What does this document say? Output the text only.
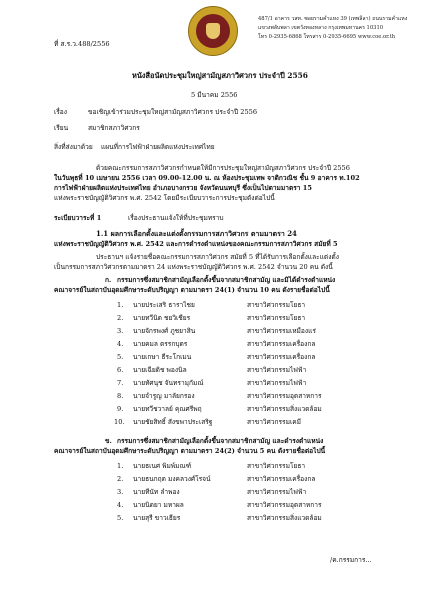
ที่ ส.ร.ว.488/2556
487/1 อาคาร วสท. ซอยรามคำแหง 39 (เทพลีลา) ถนนรามคำแหง
แขวงพลับพลา เขตวังทองหลาง กรุงเทพมหานคร 10310
โทร 0-2935-6868 โทรสาร 0-2935-6695 www.coe.or.th
หนังสือนัดประชุมใหญ่สามัญสภาวิศวกร ประจำปี 2556
5 มีนาคม 2556
เรื่อง	ขอเชิญเข้าร่วมประชุมใหญ่สามัญสภาวิศวกร ประจำปี 2556
เรียน	สมาชิกสภาวิศวกร
สิ่งที่ส่งมาด้วย แผนที่การไฟฟ้าฝ่ายผลิตแห่งประเทศไทย
ด้วยคณะกรรมการสภาวิศวกรกำหนดให้มีการประชุมใหญ่สามัญสภาวิศวกร ประจำปี 2556
ในวันพุธที่ 10 เมษายน 2556 เวลา 09.00-12.00 น. ณ ห้องประชุมเทพ จาติกวณิช ชั้น 9 อาคาร ท.102
การไฟฟ้าฝ่ายผลิตแห่งประเทศไทย อำเภอบางกรวย จังหวัดนนทบุรี ซึ่งเป็นไปตามมาตรา 15
แห่งพระราชบัญญัติวิศวกร พ.ศ. 2542 โดยมีระเบียบวาระการประชุมดังต่อไปนี้
ระเบียบวาระที่ 1	เรื่องประธานแจ้งให้ที่ประชุมทราบ
1.1 ผลการเลือกตั้งและแต่งตั้งกรรมการสภาวิศวกร ตามมาตรา 24
แห่งพระราชบัญญัติวิศวกร พ.ศ. 2542 และการดำรงตำแหน่งของคณะกรรมการสภาวิศวกร สมัยที่ 5
ประธานฯ แจ้งรายชื่อคณะกรรมการสภาวิศวกร สมัยที่ 5 ที่ได้รับการเลือกตั้งและแต่งตั้ง
เป็นกรรมการสภาวิศวกรตามมาตรา 24 แห่งพระราชบัญญัติวิศวกร พ.ศ. 2542 จำนวน 20 คน ดังนี้
ก. กรรมการซึ่งสมาชิกสามัญเลือกตั้งขึ้นจากสมาชิกสามัญ และมิได้ดำรงตำแหน่ง
คณาจารย์ในสถาบันอุดมศึกษาระดับปริญญา ตามมาตรา 24(1) จำนวน 10 คน ดังรายชื่อต่อไปนี้
1. นายประเสริ ธาราไชย	สาขาวิศวกรรมโยธา
2. นายทวีนิต ชยวิเชียร	สาขาวิศวกรรมโยธา
3. นายจักรพงศ์ ภูชยาสิน	สาขาวิศวกรรมเหมืองแร่
4. นายคมล ตรรกบุตร	สาขาวิศวกรรมเครื่องกล
5. นายเกษา ธีระโกเมน	สาขาวิศวกรรมเครื่องกล
6. นายเฉียดิช พองนิล	สาขาวิศวกรรมไฟฟ้า
7. นายทัศนุช จันทรามุกัมณ์	สาขาวิศวกรรมไฟฟ้า
8. นายจำรูญ มาลัยกรอง	สาขาวิศวกรรมอุตสาหการ
9. นายทวีชวาลย์ คุณศรีพฤ	สาขาวิศวกรรมสิ่งแวดล้อม
10. นายชัยสิทธิ์ สังขพาประเสริฐ	สาขาวิศวกรรมเคมี
ข. กรรมการซึ่งสมาชิกสามัญเลือกตั้งขึ้นจากสมาชิกสามัญ และดำรงตำแหน่ง
คณาจารย์ในสถาบันอุดมศึกษาระดับปริญญา ตามมาตรา 24(2) จำนวน 5 คน ดังรายชื่อต่อไปนี้
1. นายธเนศ พิมพ์มณฑ์	สาขาวิศวกรรมโยธา
2. นายธนกฤต มงคลวงศ์โรจน์	สาขาวิศวกรรมเครื่องกล
3. นายทีนัท ลำพอง	สาขาวิศวกรรมไฟฟ้า
4. นายนิดยา มหาผล	สาขาวิศวกรรมอุตสาหการ
5. นายสุรี ขาวเธียร	สาขาวิศวกรรมสิ่งแวดล้อม
/ค.กรรมการ...
